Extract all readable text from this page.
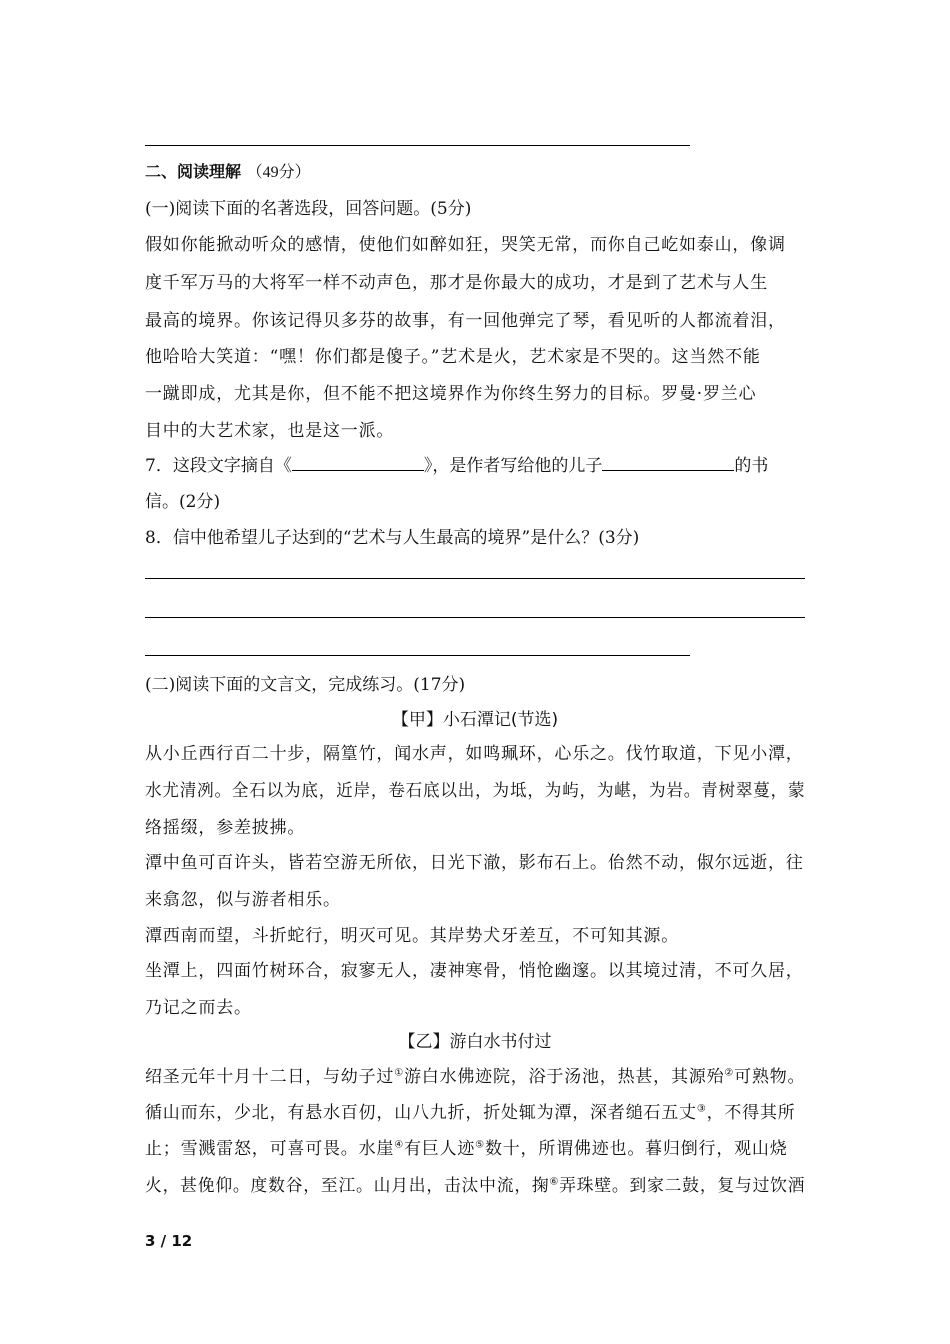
二、阅读理解 （49分）
(一)阅读下面的名著选段，回答问题。(5分)
假如你能掀动听众的感情，使他们如醉如狂，哭笑无常，而你自己屹如泰山，像调
度千军万马的大将军一样不动声色，那才是你最大的成功，才是到了艺术与人生
最高的境界。你该记得贝多芬的故事，有一回他弹完了琴，看见听的人都流着泪，
他哈哈大笑道：“嘿！你们都是傻子。”艺术是火，艺术家是不哭的。这当然不能
一蹴即成，尤其是你，但不能不把这境界作为你终生努力的目标。罗曼·罗兰心
目中的大艺术家，也是这一派。
7．这段文字摘自《	》，是作者写给他的儿子	的书
信。(2分)
8．信中他希望儿子达到的“艺术与人生最高的境界”是什么？(3分)
(二)阅读下面的文言文，完成练习。(17分)
【甲】小石潭记(节选)
从小丘西行百二十步，隔篁竹，闻水声，如鸣珮环，心乐之。伐竹取道，下见小潭，
水尤清冽。全石以为底，近岸，卷石底以出，为坻，为屿，为嵁，为岩。青树翠蔓，蒙
络摇缀，参差披拂。
潭中鱼可百许头，皆若空游无所依，日光下澈，影布石上。佁然不动，俶尔远逝，往
来翕忽，似与游者相乐。
潭西南而望，斗折蛇行，明灭可见。其岸势犬牙差互，不可知其源。
坐潭上，四面竹树环合，寂寥无人，凄神寒骨，悄怆幽邃。以其境过清，不可久居，
乃记之而去。
【乙】游白水书付过
绍圣元年十月十二日，与幼子过①游白水佛迹院，浴于汤池，热甚，其源殆②可熟物。
循山而东，少北，有悬水百仞，山八九折，折处辄为潭，深者缒石五丈③，不得其所
止；雪溅雷怒，可喜可畏。水崖④有巨人迹⑤数十，所谓佛迹也。暮归倒行，观山烧
火，甚俛仰。度数谷，至江。山月出，击汰中流，掬⑥弄珠壁。到家二鼓，复与过饮酒
3 / 12
